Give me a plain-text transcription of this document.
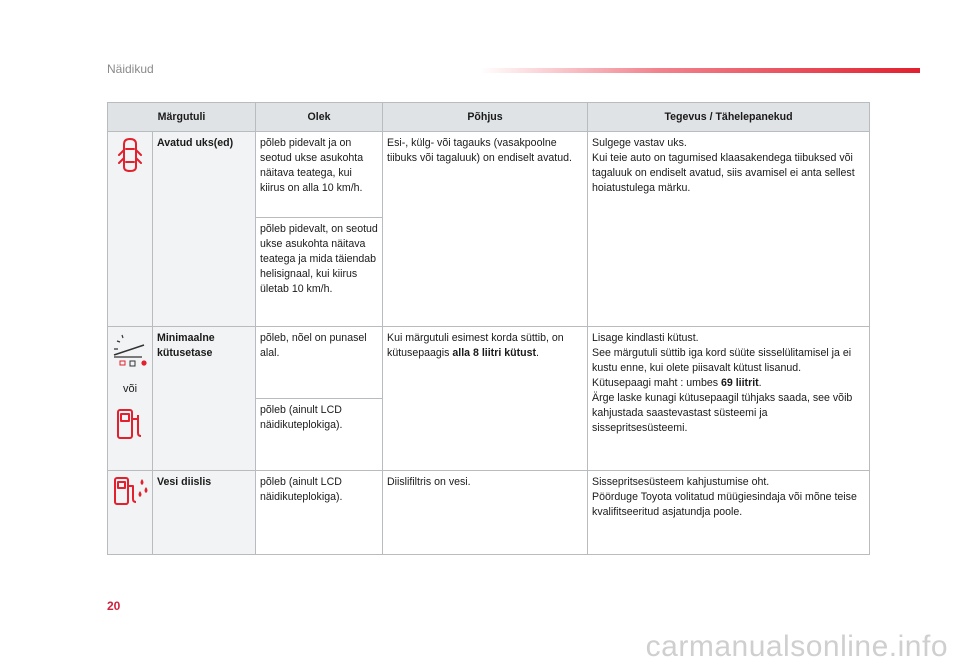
Näidikud
Märgutuli		Olek	Põhjus	Tegevus / Tähelepanekud
	Avatud uks(ed)	põleb pidevalt ja on seotud ukse asukohta näitava teatega, kui kiirus on alla 10 km/h.	Esi-, külg- või tagauks (vasakpoolne tiibuks või tagaluuk) on endiselt avatud.	Sulgege vastav uks.
Kui teie auto on tagumised klaasakendega tiibuksed või tagaluuk on endiselt avatud, siis avamisel ei anta sellest hoiatustulega märku.

		põleb pidevalt, on seotud ukse asukohta näitava teatega ja mida täiendab helisignaal, kui kiirus ületab 10 km/h.		

või	Minimaalne kütusetase	põleb, nõel on punasel alal.	Kui märgutuli esimest korda süttib, on kütusepaagis alla 8 liitri kütust.	Lisage kindlasti kütust.
See märgutuli süttib iga kord süüte sisselülitamisel ja ei kustu enne, kui olete piisavalt kütust lisanud.
Kütusepaagi maht : umbes 69 liitrit.
Ärge laske kunagi kütusepaagil tühjaks saada, see võib kahjustada saastevastast süsteemi ja sissepritsesüsteemi.

		põleb (ainult LCD näidikuteplokiga).		
	Vesi diislis	põleb (ainult LCD näidikuteplokiga).	Diislifiltris on vesi.	Sissepritsesüsteem kahjustumise oht.
Pöörduge Toyota volitatud müügiesindaja või mõne teise kvalifitseeritud asjatundja poole.
20
carmanualsonline.info
